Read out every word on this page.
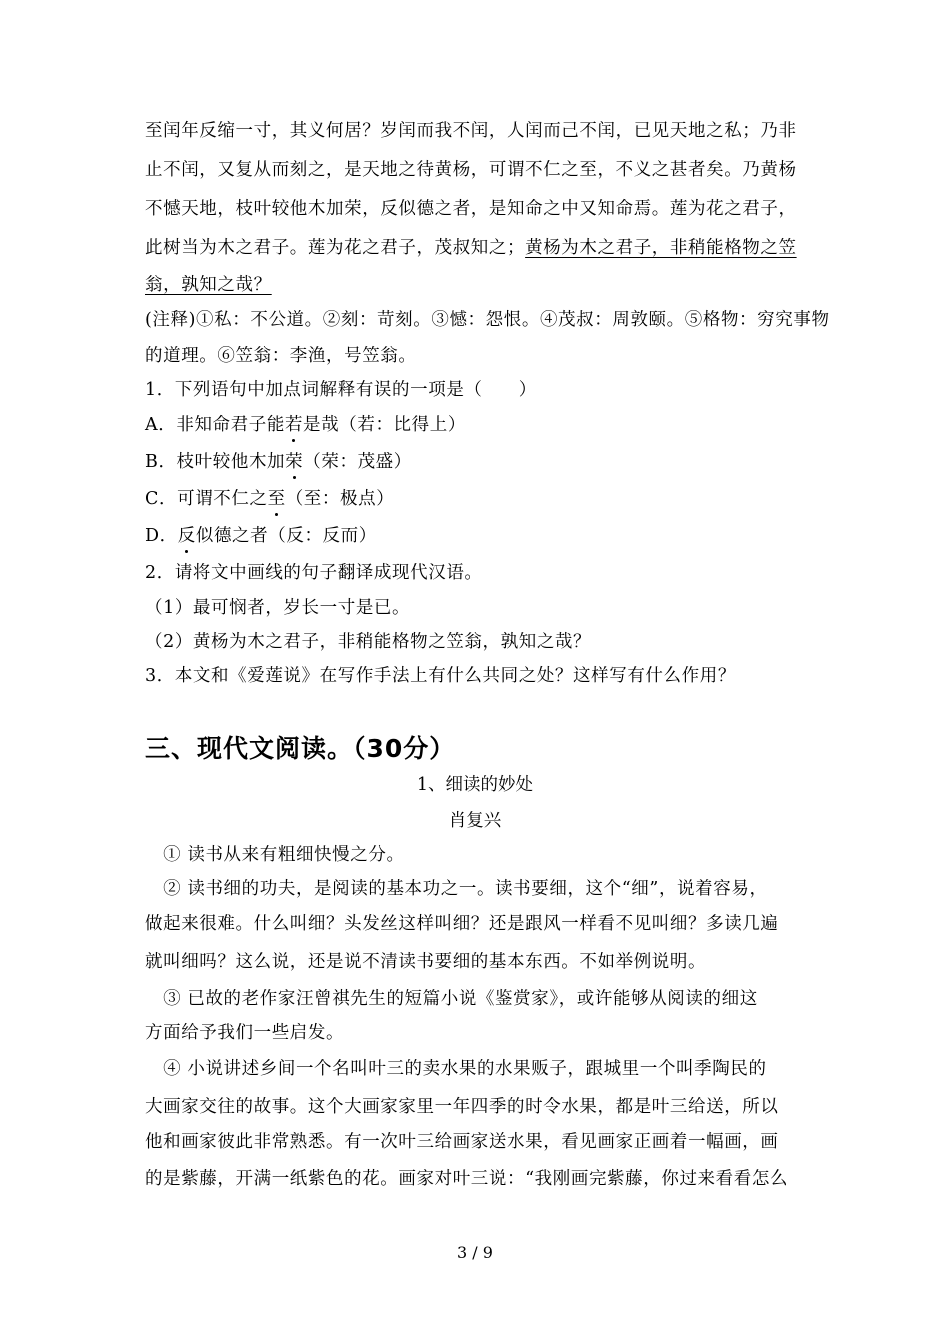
至闰年反缩一寸，其义何居？岁闰而我不闰，人闰而己不闰，已见天地之私；乃非
止不闰，又复从而刻之，是天地之待黄杨，可谓不仁之至，不义之甚者矣。乃黄杨
不憾天地，枝叶较他木加荣，反似德之者，是知命之中又知命焉。莲为花之君子，
此树当为木之君子。莲为花之君子，茂叔知之；黄杨为木之君子，非稍能格物之笠
翁，孰知之哉？
(注释)①私：不公道。②刻：苛刻。③憾：怨恨。④茂叔：周敦颐。⑤格物：穷究事物
的道理。⑥笠翁：李渔，号笠翁。
1．下列语句中加点词解释有误的一项是（　　）
A．非知命君子能若是哉（若：比得上）
B．枝叶较他木加荣（荣：茂盛）
C．可谓不仁之至（至：极点）
D．反似德之者（反：反而）
2．请将文中画线的句子翻译成现代汉语。
（1）最可悯者，岁长一寸是已。
（2）黄杨为木之君子，非稍能格物之笠翁，孰知之哉？
3．本文和《爱莲说》在写作手法上有什么共同之处？这样写有什么作用？
三、现代文阅读。（30分）
1、细读的妙处
肖复兴
　① 读书从来有粗细快慢之分。
　② 读书细的功夫，是阅读的基本功之一。读书要细，这个“细”，说着容易，
做起来很难。什么叫细？头发丝这样叫细？还是跟风一样看不见叫细？多读几遍
就叫细吗？这么说，还是说不清读书要细的基本东西。不如举例说明。
　③ 已故的老作家汪曾祺先生的短篇小说《鉴赏家》，或许能够从阅读的细这
方面给予我们一些启发。
　④ 小说讲述乡间一个名叫叶三的卖水果的水果贩子，跟城里一个叫季陶民的
大画家交往的故事。这个大画家家里一年四季的时令水果，都是叶三给送，所以
他和画家彼此非常熟悉。有一次叶三给画家送水果，看见画家正画着一幅画，画
的是紫藤，开满一纸紫色的花。画家对叶三说：“我刚画完紫藤，你过来看看怎么
3 / 9
